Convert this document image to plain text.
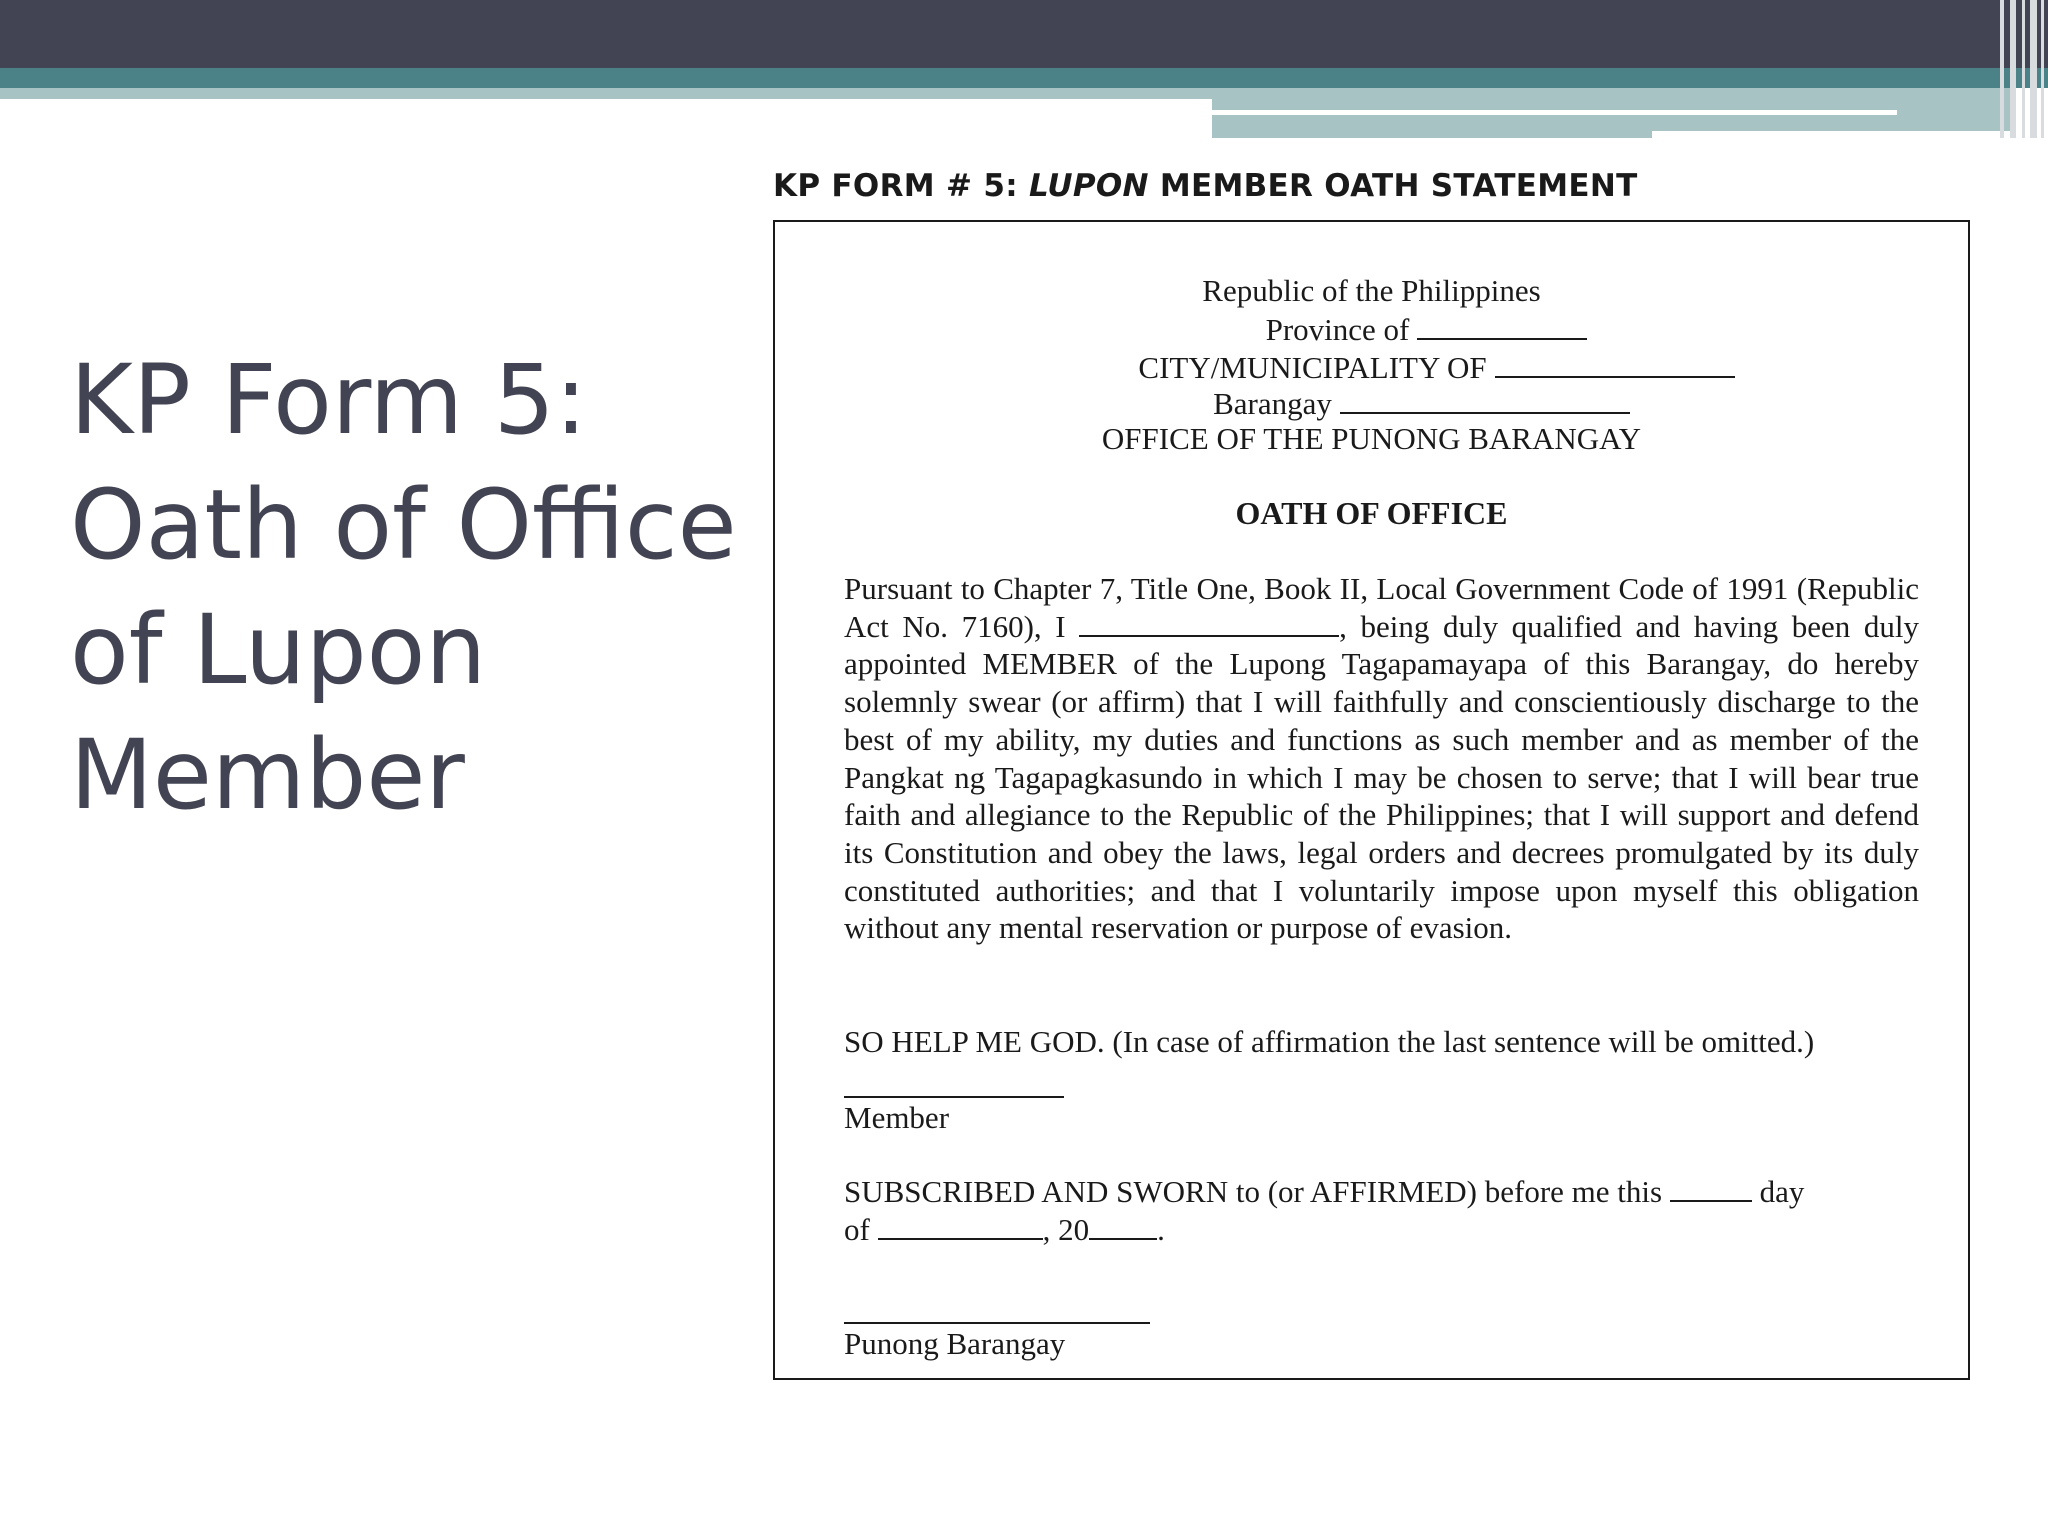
KP Form 5: Oath of Office of Lupon Member
KP FORM # 5: LUPON MEMBER OATH STATEMENT
Republic of the Philippines
Province of
CITY/MUNICIPALITY OF
Barangay
OFFICE OF THE PUNONG BARANGAY
OATH OF OFFICE

Pursuant to Chapter 7, Title One, Book II, Local Government Code of 1991 (Republic Act No. 7160), I	, being duly qualified and having been duly appointed MEMBER of the Lupong Tagapamayapa of this Barangay, do hereby solemnly swear (or affirm) that I will faithfully and conscientiously discharge to the best of my ability, my duties and functions as such member and as member of the Pangkat ng Tagapagkasundo in which I may be chosen to serve; that I will bear true faith and allegiance to the Republic of the Philippines; that I will support and defend its Constitution and obey the laws, legal orders and decrees promulgated by its duly constituted authorities; and that I voluntarily impose upon myself this obligation without any mental reservation or purpose of evasion.

SO HELP ME GOD. (In case of affirmation the last sentence will be omitted.)
Member
SUBSCRIBED AND SWORN to (or AFFIRMED) before me this	day
of	, 20 .
Punong Barangay
